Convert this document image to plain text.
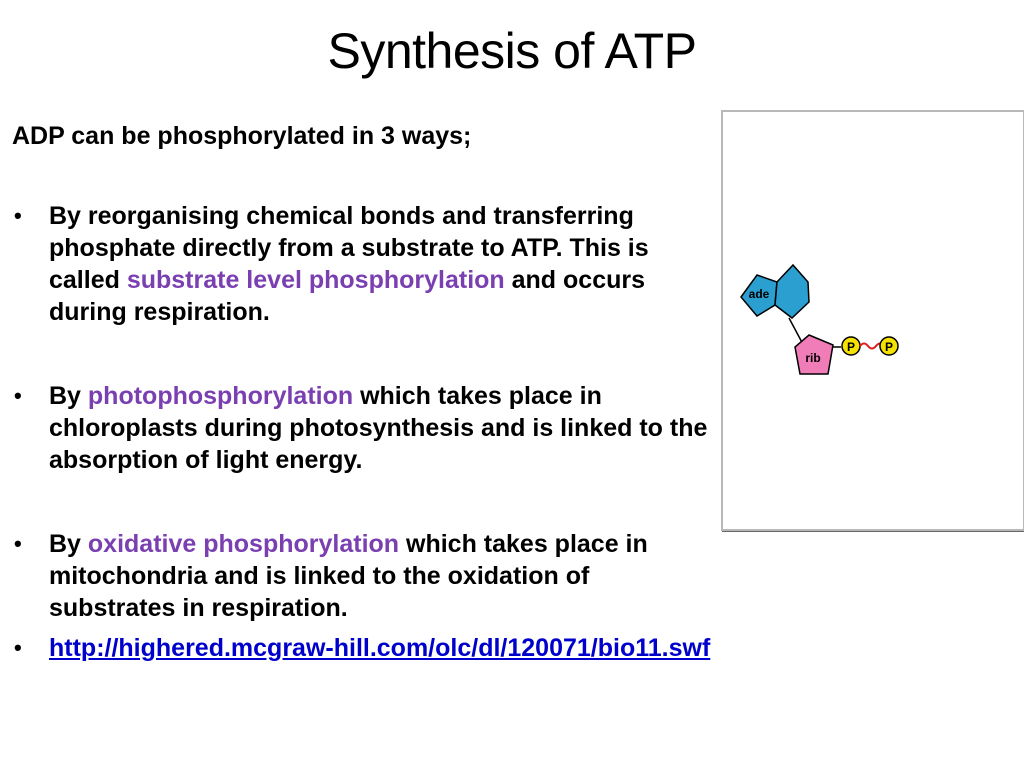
Synthesis of ATP
ADP can be phosphorylated in 3 ways;
• By reorganising chemical bonds and transferring phosphate directly from a substrate to ATP. This is called substrate level phosphorylation and occurs during respiration.
• By photophosphorylation which takes place in chloroplasts during photosynthesis and is linked to the absorption of light energy.
• By oxidative phosphorylation which takes place in mitochondria and is linked to the oxidation of substrates in respiration.
• http://highered.mcgraw-hill.com/olc/dl/120071/bio11.swf
ade
rib
P P
